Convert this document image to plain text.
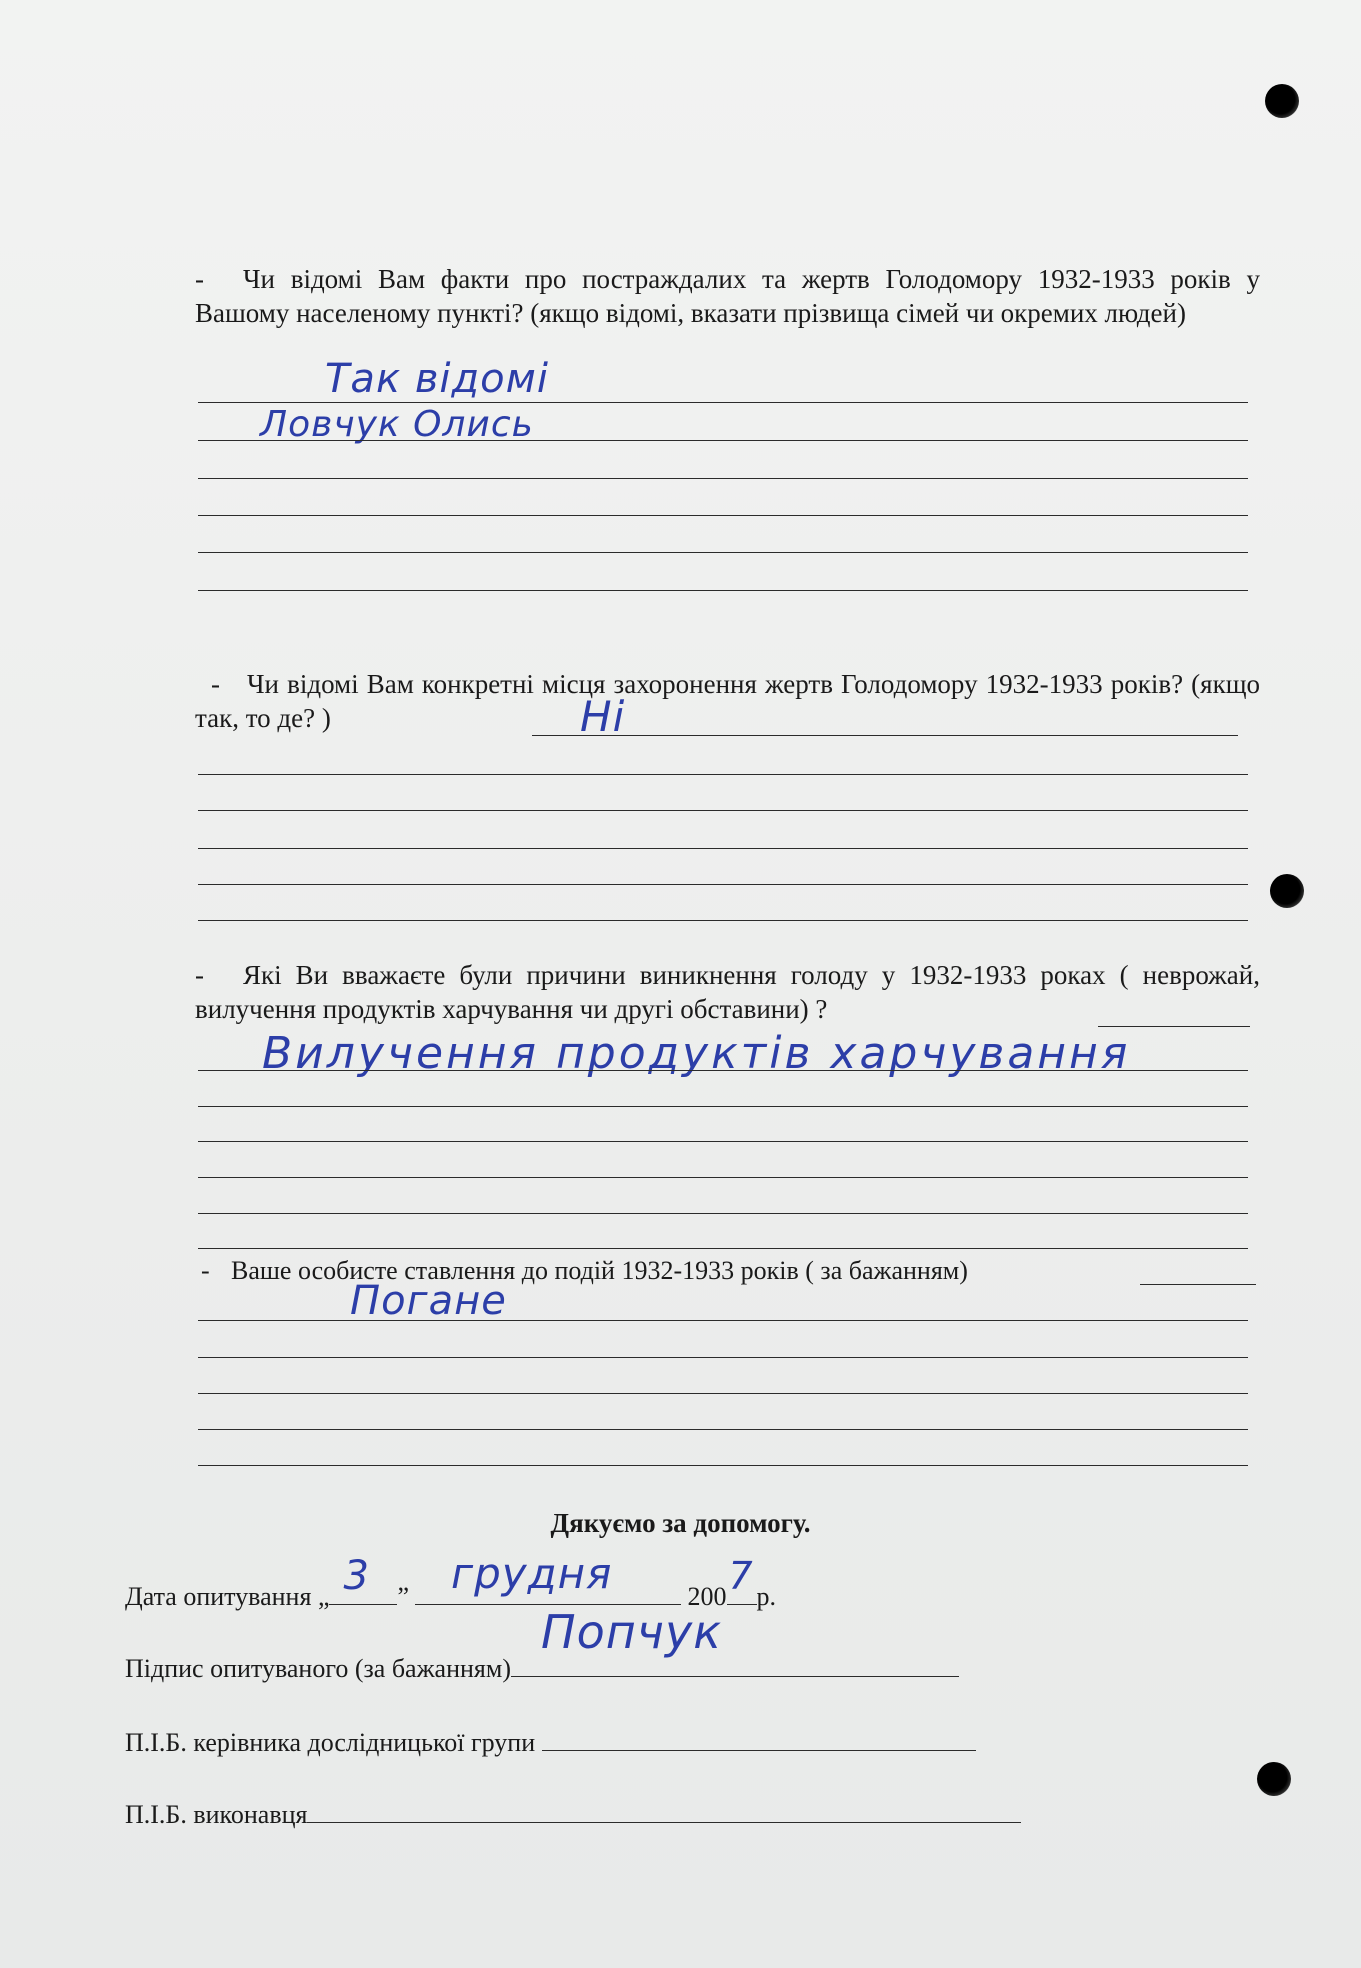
- Чи відомі Вам факти про постраждалих та жертв Голодомору 1932-1933 років у Вашому населеному пункті? (якщо відомі, вказати прізвища сімей чи окремих людей)
Так відомі
Ловчук Олись
- Чи відомі Вам конкретні місця захоронення жертв Голодомору 1932-1933 років? (якщо так, то де? )	Ні
- Які Ви вважаєте були причини виникнення голоду у 1932-1933 роках ( неврожай, вилучення продуктів харчування чи другі обставини) ?
Вилучення продуктів харчування
- Ваше особисте ставлення до подій 1932-1933 років ( за бажанням)
Погане
Дякуємо за допомогу.
Дата опитування „ 3 ” грудня	200 7 р.
Підпис опитуваного (за бажанням)
Попчук
П.І.Б. керівника дослідницької групи
П.І.Б. виконавця
